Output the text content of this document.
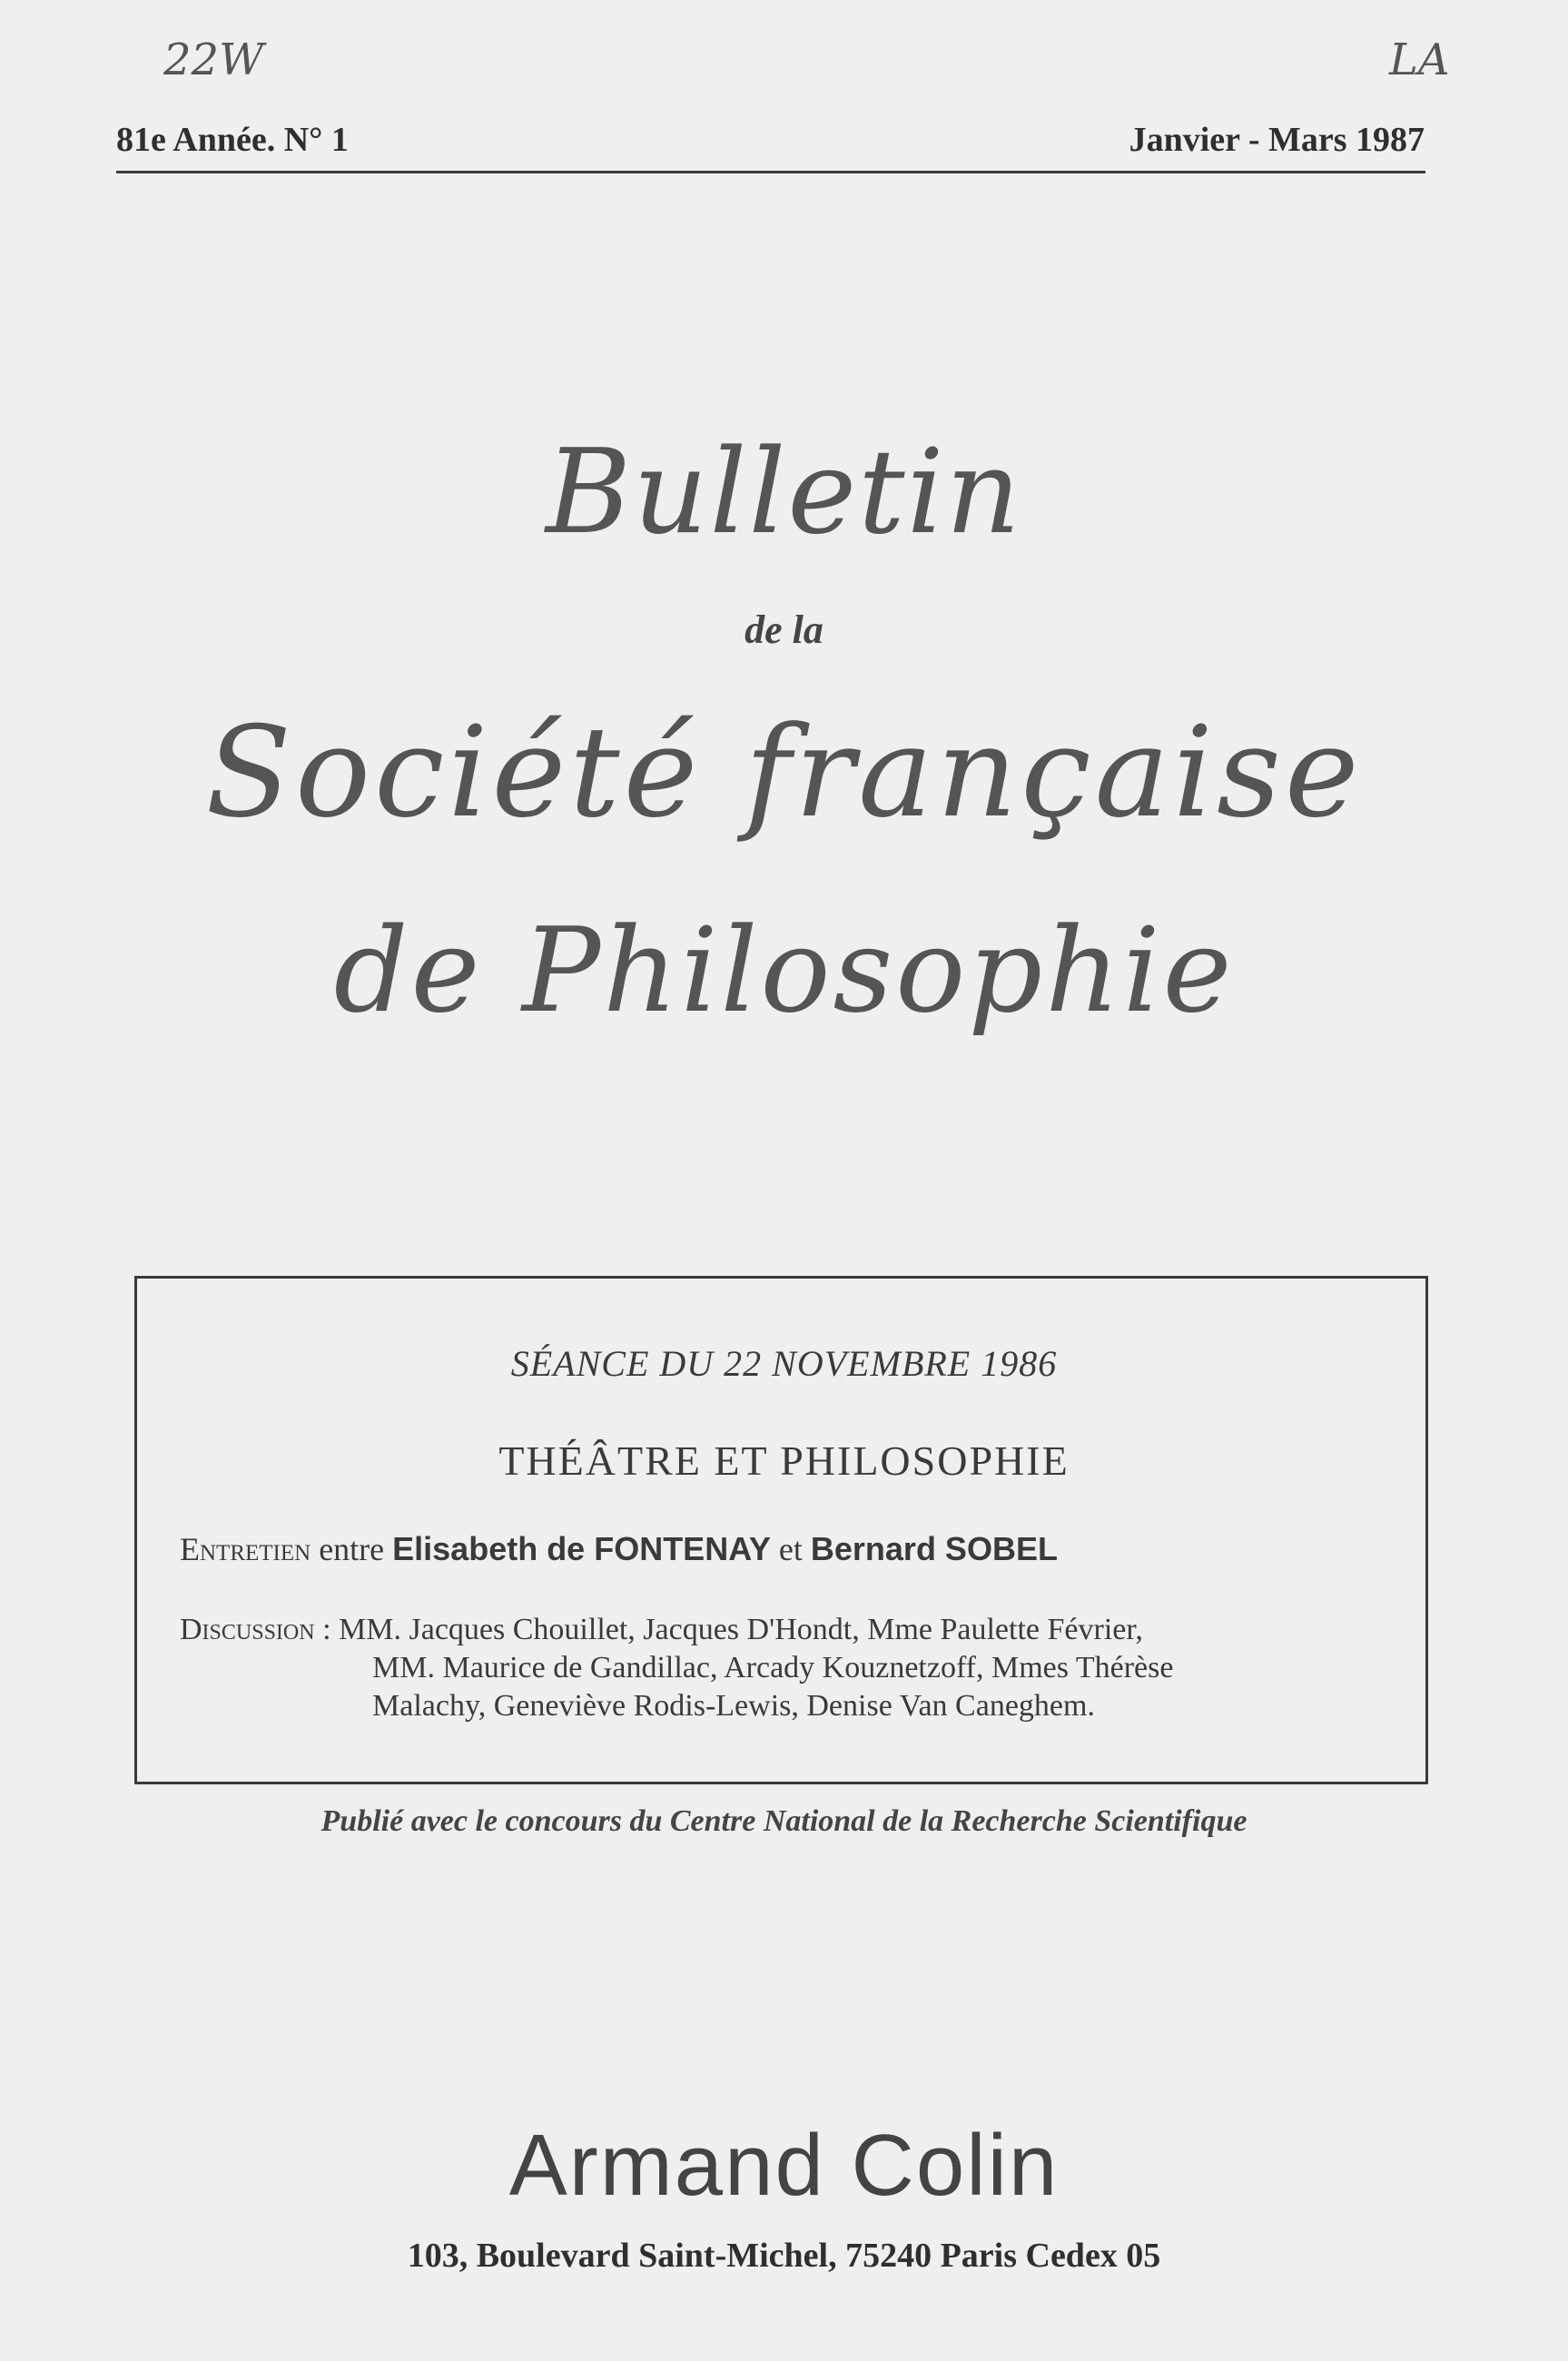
22W	LA
81e Année. N° 1	Janvier - Mars 1987
Bulletin
de la
Société française
de Philosophie
SÉANCE DU 22 NOVEMBRE 1986
THÉÂTRE ET PHILOSOPHIE
Entretien entre Elisabeth de FONTENAY et Bernard SOBEL
Discussion : MM. Jacques Chouillet, Jacques D'Hondt, Mme Paulette Février,
MM. Maurice de Gandillac, Arcady Kouznetzoff, Mmes Thérèse
Malachy, Geneviève Rodis-Lewis, Denise Van Caneghem.
Publié avec le concours du Centre National de la Recherche Scientifique
Armand Colin
103, Boulevard Saint-Michel, 75240 Paris Cedex 05
